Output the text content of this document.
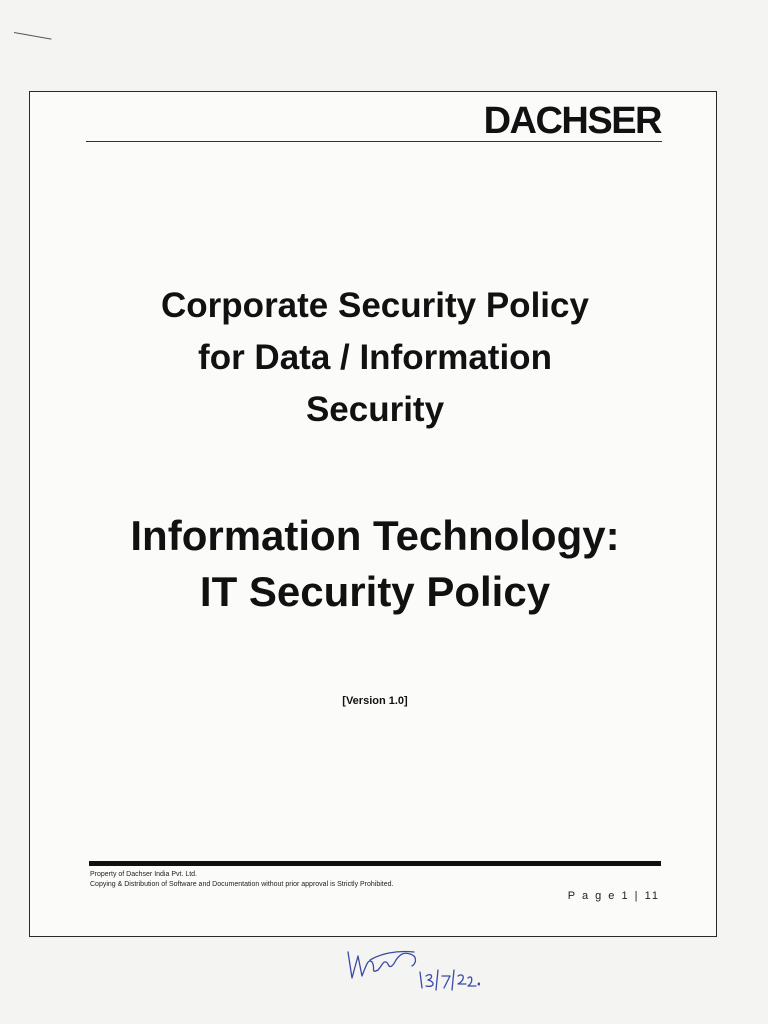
DACHSER
Corporate Security Policy
for Data / Information
Security
Information Technology:
IT Security Policy
[Version 1.0]
Property of Dachser India Pvt. Ltd.
Copying & Distribution of Software and Documentation without prior approval is Strictly Prohibited.
P a g e 1 | 11
